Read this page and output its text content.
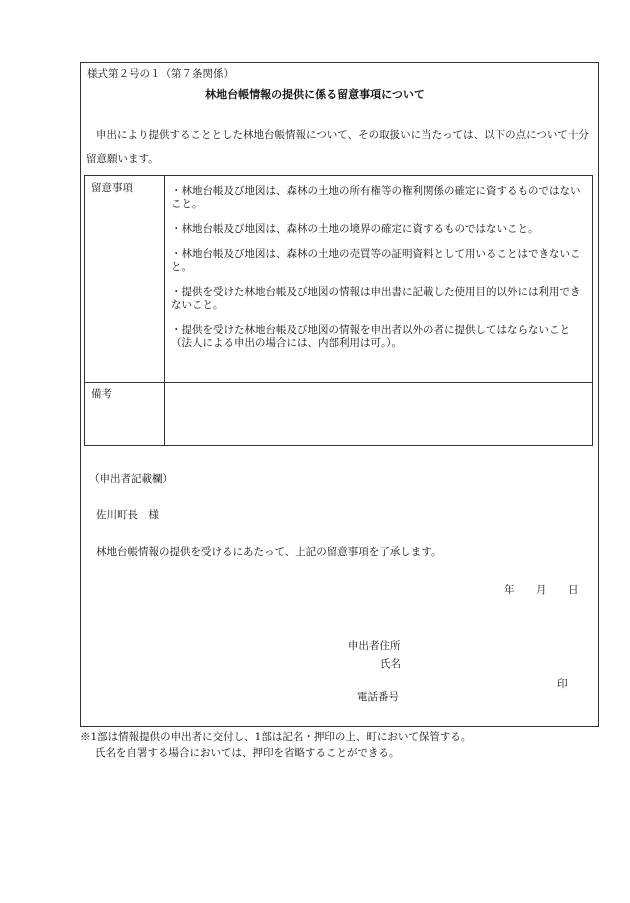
様式第２号の１（第７条関係）
林地台帳情報の提供に係る留意事項について
申出により提供することとした林地台帳情報について、その取扱いに当たっては、以下の点について十分留意願います。
留意事項	・林地台帳及び地図は、森林の土地の所有権等の権利関係の確定に資するものではないこと。
・林地台帳及び地図は、森林の土地の境界の確定に資するものではないこと。
・林地台帳及び地図は、森林の土地の売買等の証明資料として用いることはできないこと。
・提供を受けた林地台帳及び地図の情報は申出書に記載した使用目的以外には利用できないこと。
・提供を受けた林地台帳及び地図の情報を申出者以外の者に提供してはならないこと（法人による申出の場合には、内部利用は可。）。
備考
（申出者記載欄）
佐川町長　様
林地台帳情報の提供を受けるにあたって、上記の留意事項を了承します。
年 月 日
申出者住所
氏名
印
電話番号
※1部は情報提供の申出者に交付し、1部は記名・押印の上、町において保管する。
氏名を自署する場合においては、押印を省略することができる。
